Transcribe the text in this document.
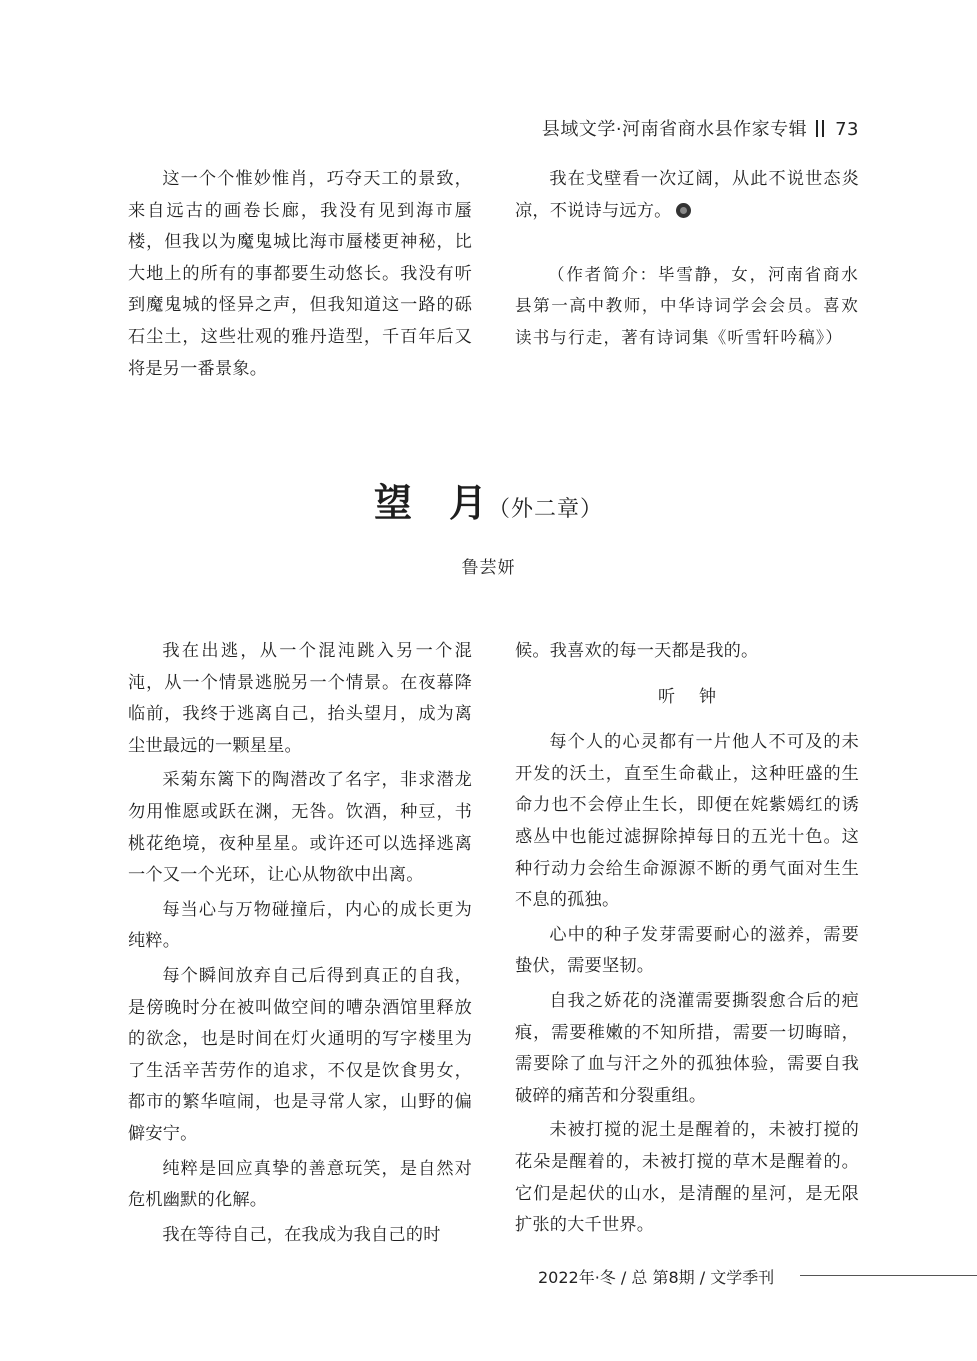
县域文学·河南省商水县作家专辑 73

这一个个惟妙惟肖，巧夺天工的景致，来自远古的画卷长廊，我没有见到海市蜃楼，但我以为魔鬼城比海市蜃楼更神秘，比大地上的所有的事都要生动悠长。我没有听到魔鬼城的怪异之声，但我知道这一路的砾石尘土，这些壮观的雅丹造型，千百年后又将是另一番景象。

我在戈壁看一次辽阔，从此不说世态炎凉，不说诗与远方。

（作者简介：毕雪静，女，河南省商水县第一高中教师，中华诗词学会会员。喜欢读书与行走，著有诗词集《听雪轩吟稿》）

望 月（外二章）
鲁芸妍

我在出逃，从一个混沌跳入另一个混沌，从一个情景逃脱另一个情景。在夜幕降临前，我终于逃离自己，抬头望月，成为离尘世最远的一颗星星。

采菊东篱下的陶潜改了名字，非求潜龙勿用惟愿或跃在渊，无咎。饮酒，种豆，书桃花绝境，夜种星星。或许还可以选择逃离一个又一个光环，让心从物欲中出离。

每当心与万物碰撞后，内心的成长更为纯粹。

每个瞬间放弃自己后得到真正的自我，是傍晚时分在被叫做空间的嘈杂酒馆里释放的欲念，也是时间在灯火通明的写字楼里为了生活辛苦劳作的追求，不仅是饮食男女，都市的繁华喧闹，也是寻常人家，山野的偏僻安宁。

纯粹是回应真挚的善意玩笑，是自然对危机幽默的化解。

我在等待自己，在我成为我自己的时

候。我喜欢的每一天都是我的。

听 钟

每个人的心灵都有一片他人不可及的未开发的沃土，直至生命截止，这种旺盛的生命力也不会停止生长，即便在姹紫嫣红的诱惑丛中也能过滤摒除掉每日的五光十色。这种行动力会给生命源源不断的勇气面对生生不息的孤独。

心中的种子发芽需要耐心的滋养，需要蛰伏，需要坚韧。

自我之娇花的浇灌需要撕裂愈合后的疤痕，需要稚嫩的不知所措，需要一切晦暗，需要除了血与汗之外的孤独体验，需要自我破碎的痛苦和分裂重组。

未被打搅的泥土是醒着的，未被打搅的花朵是醒着的，未被打搅的草木是醒着的。它们是起伏的山水，是清醒的星河，是无限扩张的大千世界。

2022年·冬 / 总 第8期 / 文学季刊
